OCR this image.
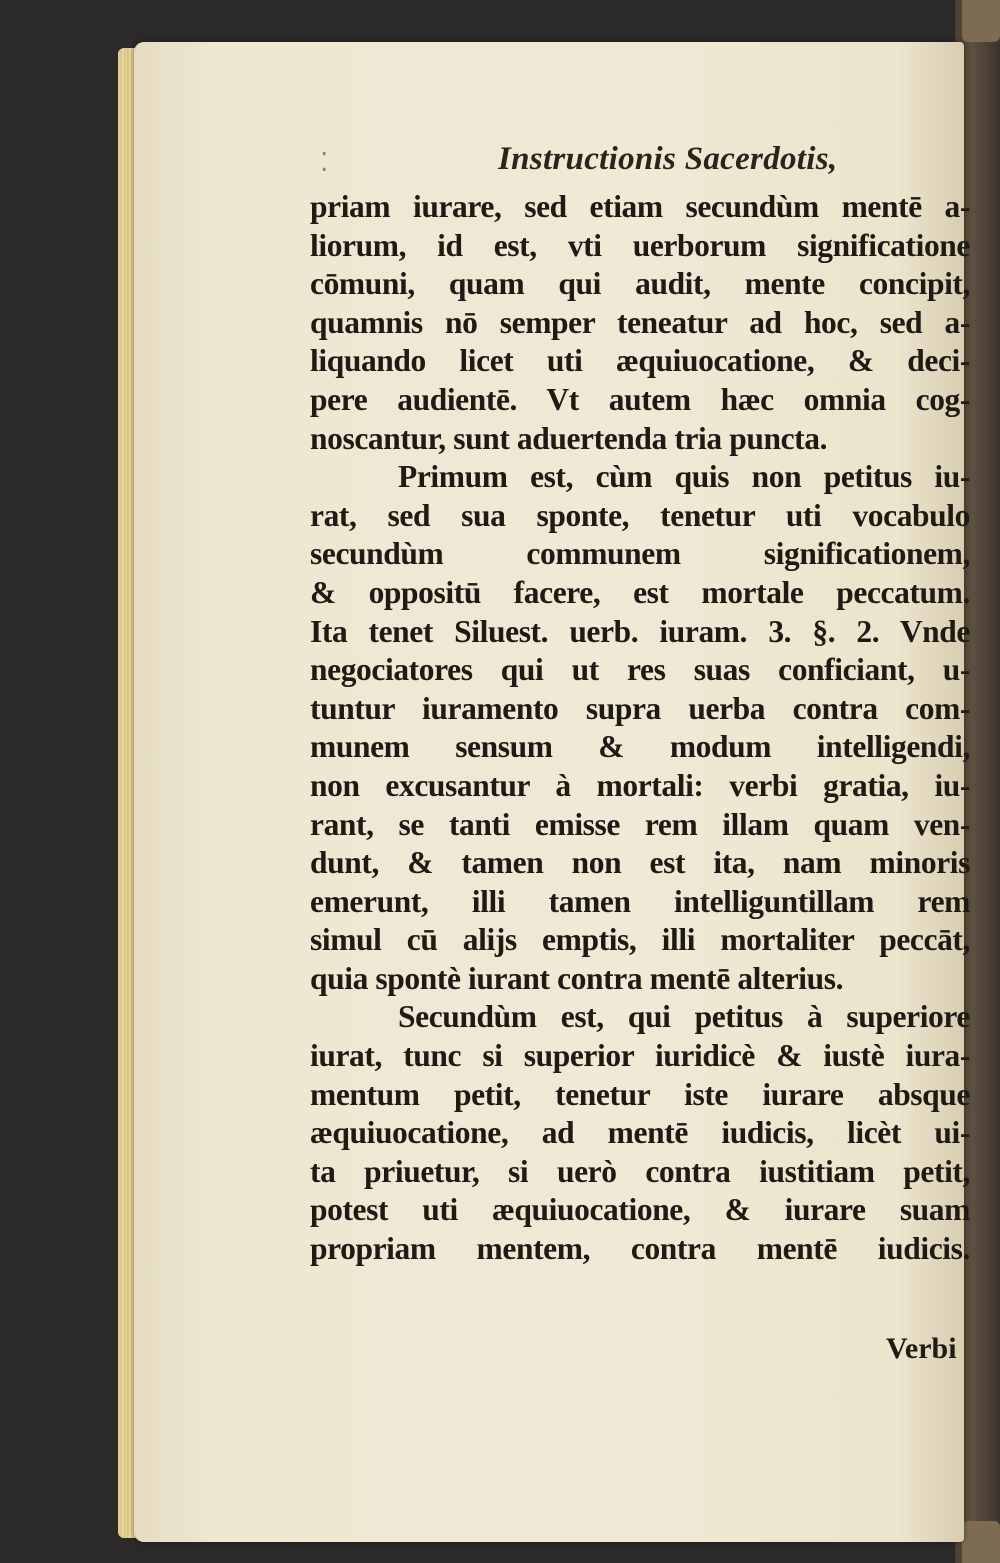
⁚	Instructionis Sacerdotis,
priam iurare, sed etiam secundùm mentē a-
liorum, id est, vti uerborum significatione
cōmuni, quam qui audit, mente concipit,
quamnis nō semper teneatur ad hoc, sed a-
liquando licet uti æquiuocatione, & deci-
pere audientē. Vt autem hæc omnia cog-
noscantur, sunt aduertenda tria puncta.
Primum est, cùm quis non petitus iu-
rat, sed sua sponte, tenetur uti vocabulo
secundùm communem significationem,
& oppositū facere, est mortale peccatum.
Ita tenet Siluest. uerb. iuram. 3. §. 2. Vnde
negociatores qui ut res suas conficiant, u-
tuntur iuramento supra uerba contra com-
munem sensum & modum intelligendi,
non excusantur à mortali: verbi gratia, iu-
rant, se tanti emisse rem illam quam ven-
dunt, & tamen non est ita, nam minoris
emerunt, illi tamen intelliguntillam rem
simul cū alijs emptis, illi mortaliter peccāt,
quia spontè iurant contra mentē alterius.
Secundùm est, qui petitus à superiore
iurat, tunc si superior iuridicè & iustè iura-
mentum petit, tenetur iste iurare absque
æquiuocatione, ad mentē iudicis, licèt ui-
ta priuetur, si uerò contra iustitiam petit,
potest uti æquiuocatione, & iurare suam
propriam mentem, contra mentē iudicis.
Verbi
